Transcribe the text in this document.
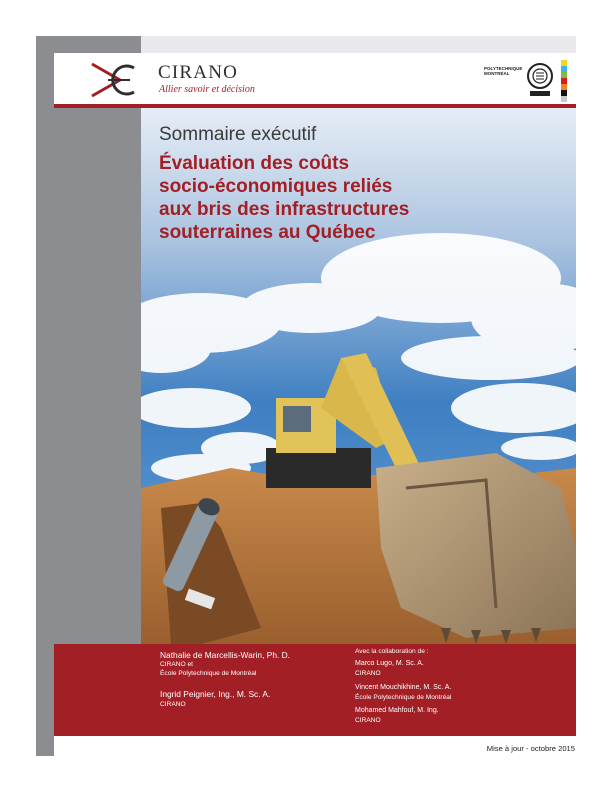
CIRANO
Allier savoir et décision
POLYTECHNIQUE MONTRÉAL
Sommaire exécutif
Évaluation des coûts
socio-économiques reliés
aux bris des infrastructures
souterraines au Québec
Nathalie de Marcellis-Warin, Ph. D.
CIRANO et
École Polytechnique de Montréal
Ingrid Peignier, Ing., M. Sc. A.
CIRANO
Avec la collaboration de :
Marco Lugo, M. Sc. A.
CIRANO
Vincent Mouchikhine, M. Sc. A.
École Polytechnique de Montréal
Mohamed Mahfouf, M. Ing.
CIRANO
Mise à jour - octobre 2015
